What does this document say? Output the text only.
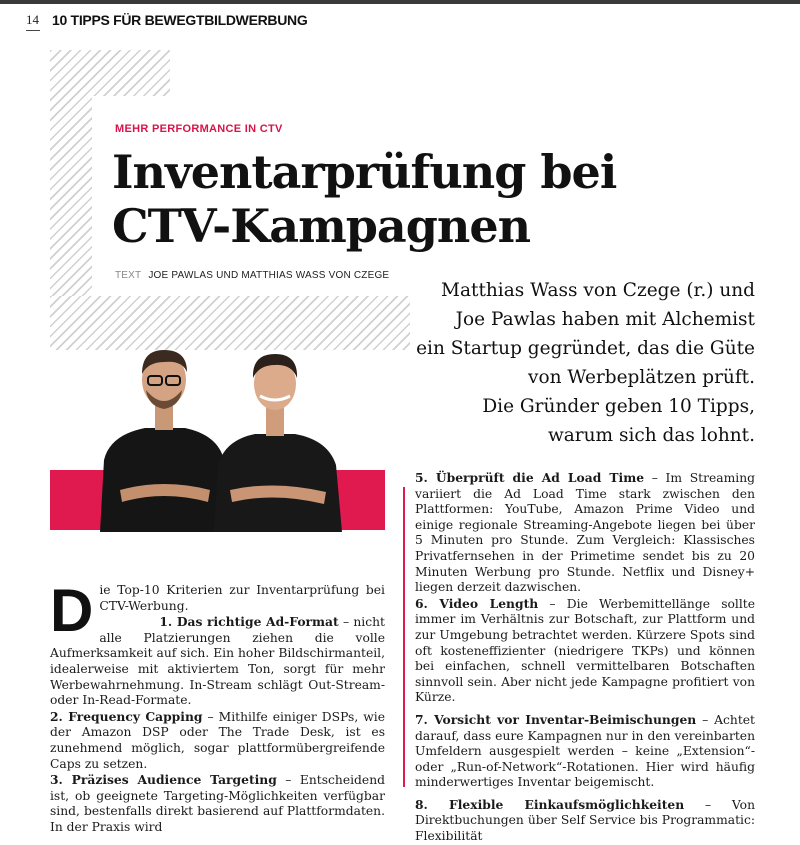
14 10 TIPPS FÜR BEWEGTBILDWERBUNG
MEHR PERFORMANCE IN CTV
Inventarprüfung bei
CTV-Kampagnen
TEXT JOE PAWLAS UND MATTHIAS WASS VON CZEGE

Matthias Wass von Czege (r.) und
Joe Pawlas haben mit Alchemist
ein Startup gegründet, das die Güte
von Werbeplätzen prüft.
Die Gründer geben 10 Tipps,
warum sich das lohnt.

Die Top-10 Kriterien zur Inventarprüfung bei CTV-Werbung.

1. Das richtige Ad-Format – nicht alle Platzierungen ziehen die volle Aufmerksamkeit auf sich. Ein hoher Bildschirmanteil, idealerweise mit aktiviertem Ton, sorgt für mehr Werbewahrnehmung. In-Stream schlägt Out-Stream- oder In-Read-Formate.

2. Frequency Capping – Mithilfe einiger DSPs, wie der Amazon DSP oder The Trade Desk, ist es zunehmend möglich, sogar plattformübergreifende Caps zu setzen.

3. Präzises Audience Targeting – Entscheidend ist, ob geeignete Targeting-Möglichkeiten verfügbar sind, bestenfalls direkt basierend auf Plattformdaten. In der Praxis wird

5. Überprüft die Ad Load Time – Im Streaming variiert die Ad Load Time stark zwischen den Plattformen: YouTube, Amazon Prime Video und einige regionale Streaming-Angebote liegen bei über 5 Minuten pro Stunde. Zum Vergleich: Klassisches Privatfernsehen in der Primetime sendet bis zu 20 Minuten Werbung pro Stunde. Netflix und Disney+ liegen derzeit dazwischen.

6. Video Length – Die Werbemittellänge sollte immer im Verhältnis zur Botschaft, zur Plattform und zur Umgebung betrachtet werden. Kürzere Spots sind oft kosteneffizienter (niedrigere TKPs) und können bei einfachen, schnell vermittelbaren Botschaften sinnvoll sein. Aber nicht jede Kampagne profitiert von Kürze.

7. Vorsicht vor Inventar-Beimischungen – Achtet darauf, dass eure Kampagnen nur in den vereinbarten Umfeldern ausgespielt werden – keine „Extension“- oder „Run-of-Network“-Rotationen. Hier wird häufig minderwertiges Inventar beigemischt.

8. Flexible Einkaufsmöglichkeiten – Von Direktbuchungen über Self Service bis Programmatic: Flexibilität
